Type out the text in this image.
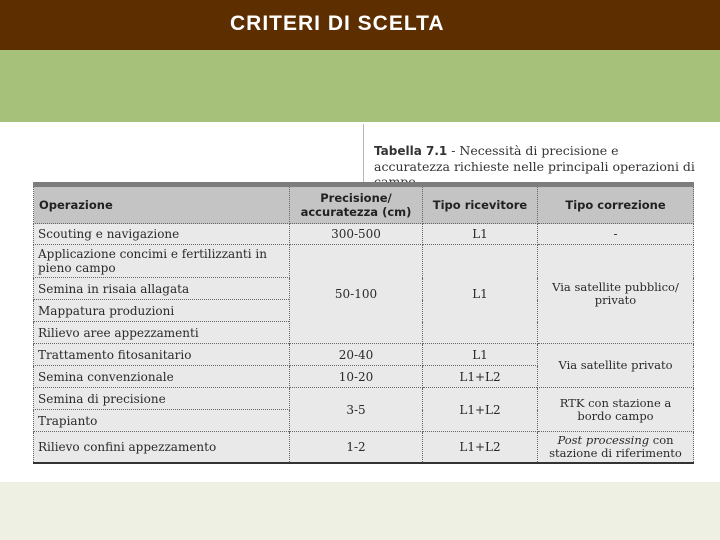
CRITERI DI SCELTA
Tabella 7.1 - Necessità di precisione e accuratezza richieste nelle principali operazioni di
Operazione	Precisione/ accuratezza (cm)	Tipo ricevitore	Tipo correzione
Scouting e navigazione	300-500	L1	-
Applicazione concimi e fertilizzanti in pieno campo	50-100	L1	Via satellite pubblico/ privato
Semina in risaia allagata			
Mappatura produzioni			
Rilievo aree appezzamenti			
Trattamento fitosanitario	20-40	L1	Via satellite privato
Semina convenzionale	10-20	L1+L2	
Semina di precisione	3-5	L1+L2	RTK con stazione a bordo campo
Trapianto			
Rilievo confini appezzamento	1-2	L1+L2	Post processing con stazione di riferimento
